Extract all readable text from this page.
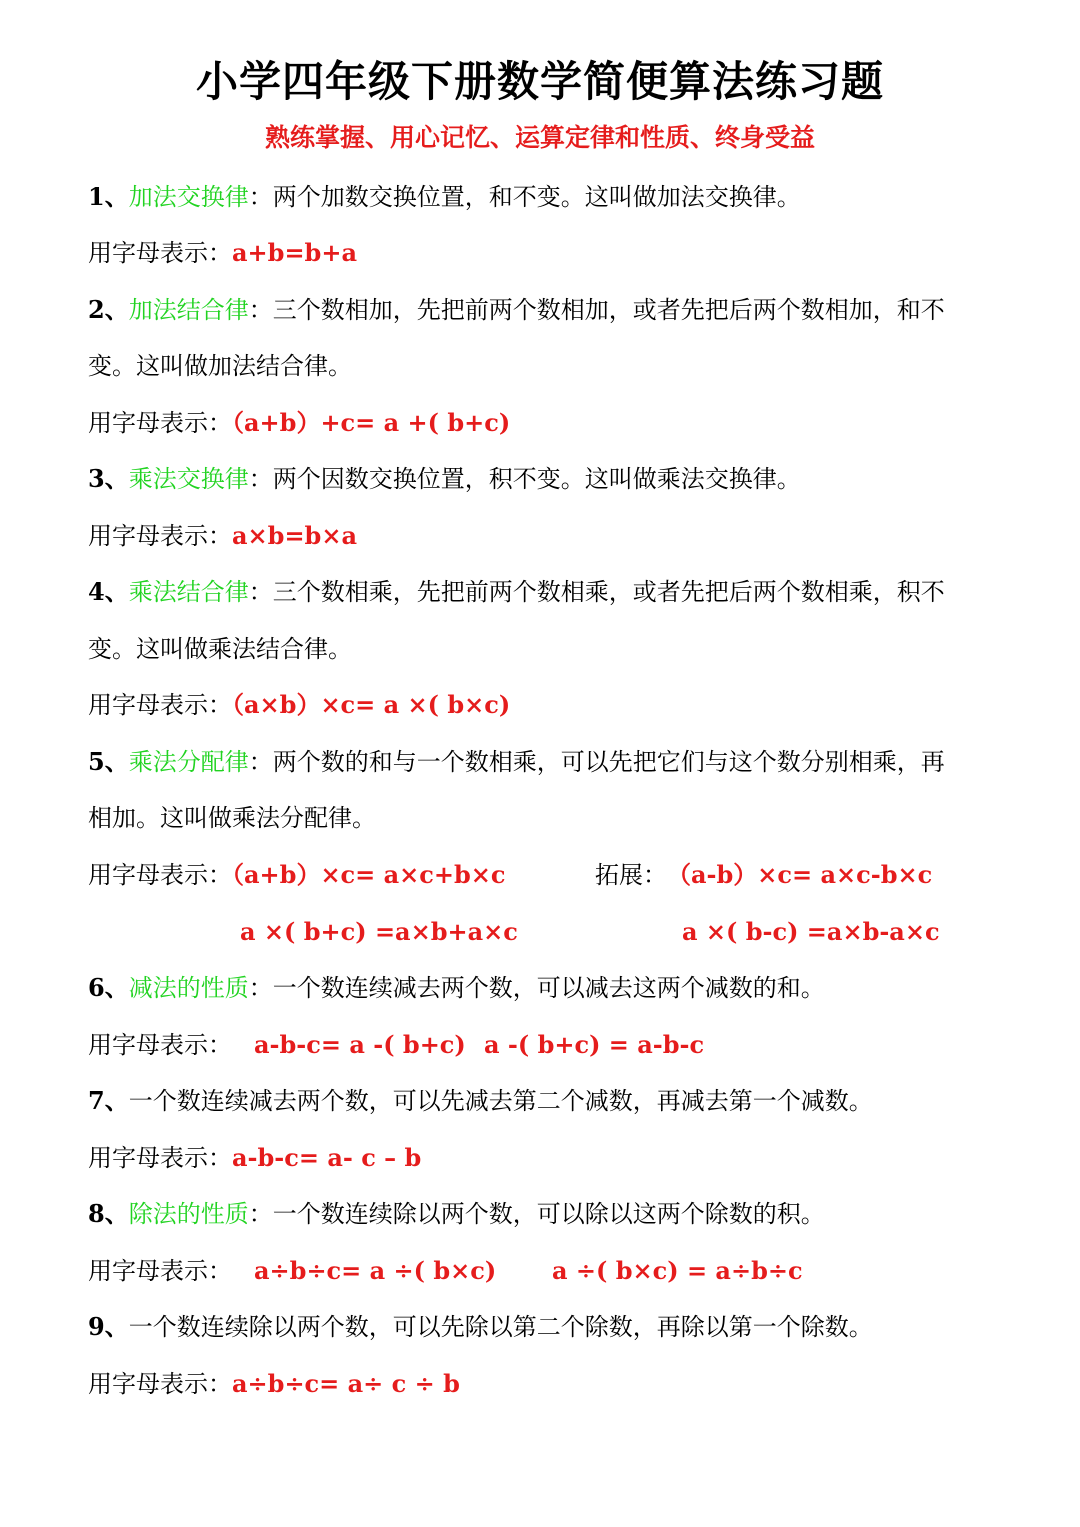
小学四年级下册数学简便算法练习题

熟练掌握、用心记忆、运算定律和性质、终身受益

1、加法交换律：两个加数交换位置，和不变。这叫做加法交换律。
用字母表示：a+b=b+a
2、加法结合律：三个数相加，先把前两个数相加，或者先把后两个数相加，和不
变。这叫做加法结合律。
用字母表示：（a+b）+c= a +( b+c)
3、乘法交换律：两个因数交换位置，积不变。这叫做乘法交换律。
用字母表示：a×b=b×a
4、乘法结合律：三个数相乘，先把前两个数相乘，或者先把后两个数相乘，积不
变。这叫做乘法结合律。
用字母表示：（a×b）×c= a ×( b×c)
5、乘法分配律：两个数的和与一个数相乘，可以先把它们与这个数分别相乘，再
相加。这叫做乘法分配律。
用字母表示：（a+b）×c= a×c+b×c	拓展： （a-b）×c= a×c-b×c
a ×( b+c) =a×b+a×c	a ×( b-c) =a×b-a×c
6、减法的性质：一个数连续减去两个数，可以减去这两个减数的和。
用字母表示： a-b-c= a -( b+c) a -( b+c) = a-b-c
7、一个数连续减去两个数，可以先减去第二个减数，再减去第一个减数。
用字母表示：a-b-c= a- c – b
8、除法的性质：一个数连续除以两个数，可以除以这两个除数的积。
用字母表示： a÷b÷c= a ÷( b×c) a ÷( b×c) = a÷b÷c
9、一个数连续除以两个数，可以先除以第二个除数，再除以第一个除数。
用字母表示：a÷b÷c= a÷ c ÷ b
